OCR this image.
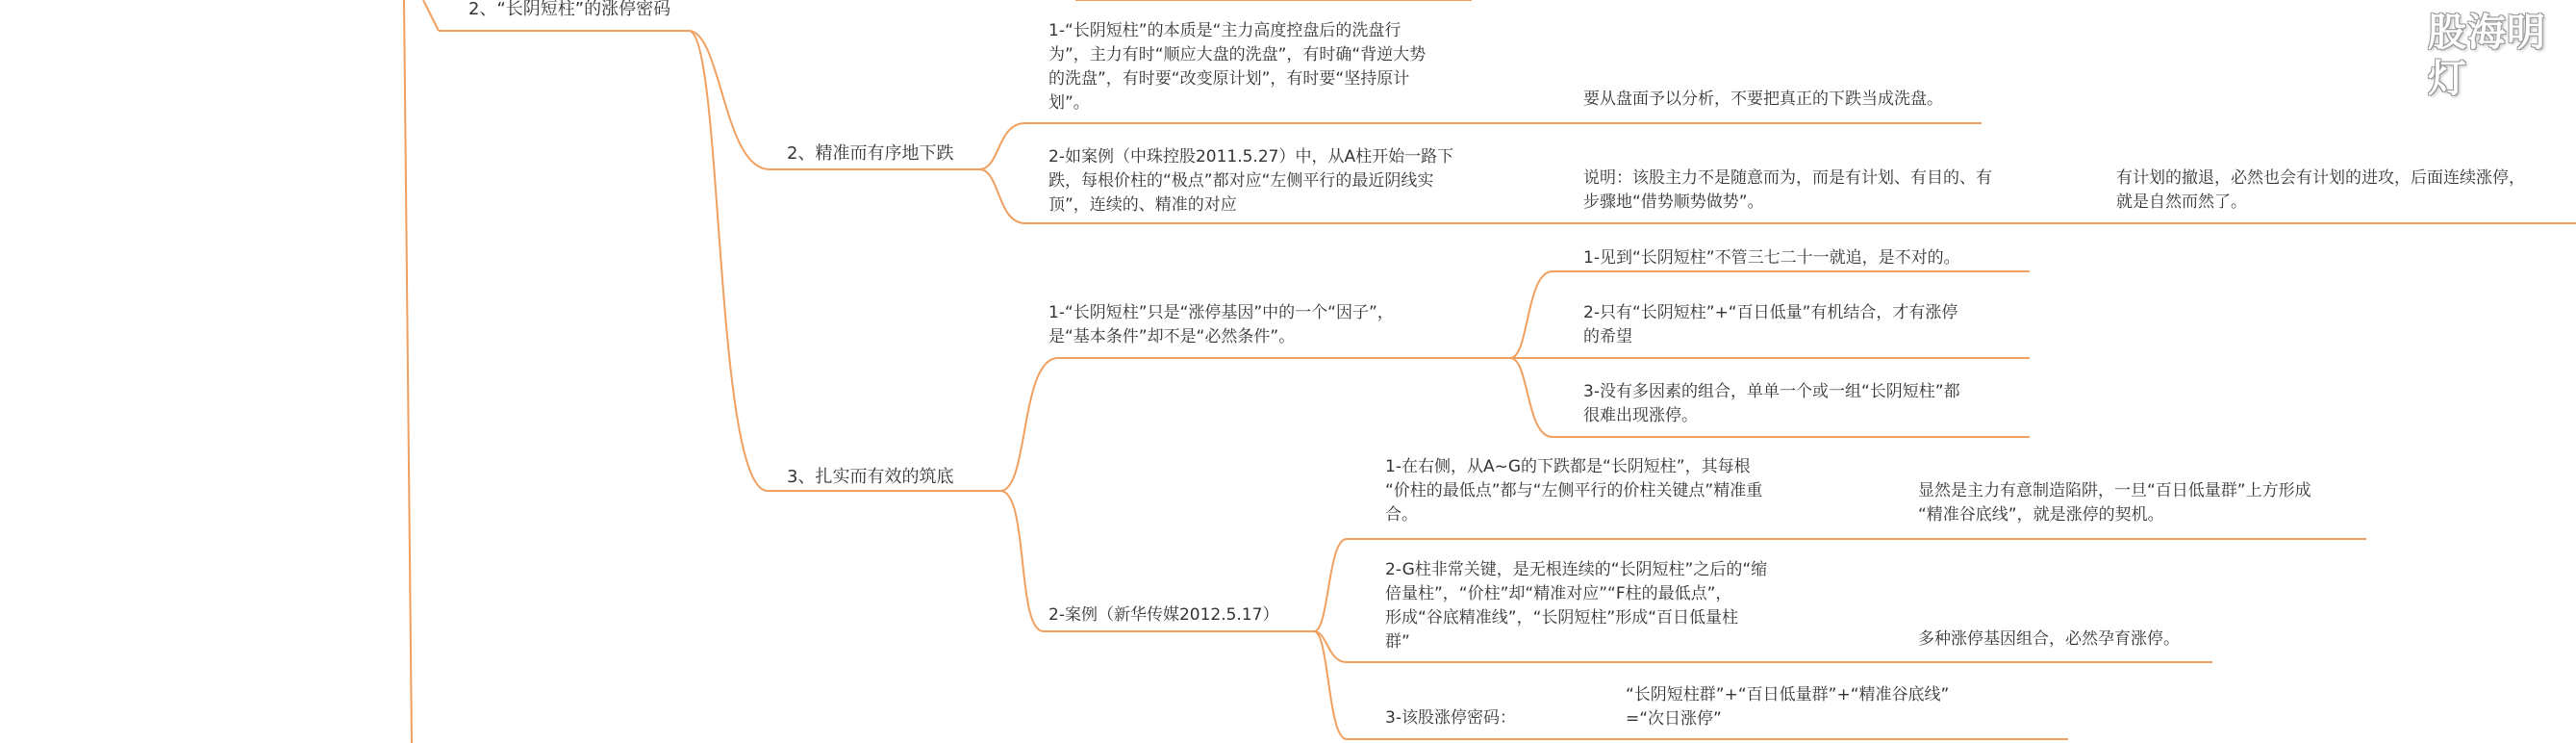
股海明灯
2、“长阴短柱”的涨停密码
2、精准而有序地下跌
3、扎实而有效的筑底
1-“长阴短柱”的本质是“主力高度控盘后的洗盘行
为”，主力有时“顺应大盘的洗盘”，有时确“背逆大势
的洗盘”，有时要“改变原计划”，有时要“坚持原计
划”。	要从盘面予以分析，不要把真正的下跌当成洗盘。
2-如案例（中珠控股2011.5.27）中，从A柱开始一路下
跌，每根价柱的“极点”都对应“左侧平行的最近阴线实
顶”，连续的、精准的对应
说明：该股主力不是随意而为，而是有计划、有目的、有
步骤地“借势顺势做势”。
有计划的撤退，必然也会有计划的进攻，后面连续涨停，
就是自然而然了。
1-“长阴短柱”只是“涨停基因”中的一个“因子”，
是“基本条件”却不是“必然条件”。
1-见到“长阴短柱”不管三七二十一就追，是不对的。
2-只有“长阴短柱”+“百日低量”有机结合，才有涨停
的希望
3-没有多因素的组合，单单一个或一组“长阴短柱”都
很难出现涨停。
2-案例（新华传媒2012.5.17）
1-在右侧，从A~G的下跌都是“长阴短柱”，其每根
“价柱的最低点”都与“左侧平行的价柱关键点”精准重
合。
显然是主力有意制造陷阱，一旦“百日低量群”上方形成
“精准谷底线”，就是涨停的契机。
2-G柱非常关键，是无根连续的“长阴短柱”之后的“缩
倍量柱”，“价柱”却“精准对应”“F柱的最低点”，
形成“谷底精准线”，“长阴短柱”形成“百日低量柱
群”	多种涨停基因组合，必然孕育涨停。
3-该股涨停密码：
“长阴短柱群”+“百日低量群”+“精准谷底线”
=“次日涨停”
